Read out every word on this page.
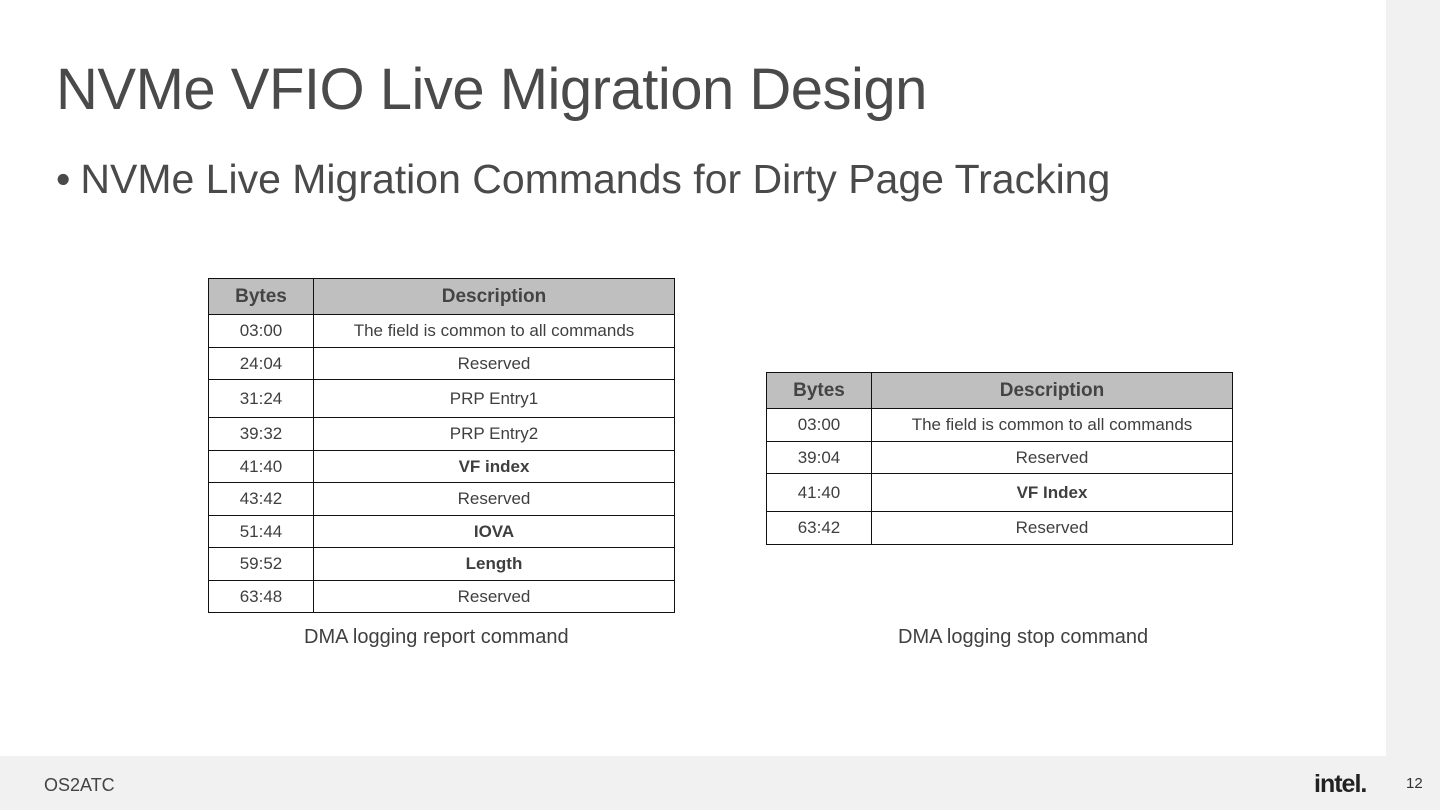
NVMe VFIO Live Migration Design
• NVMe Live Migration Commands for Dirty Page Tracking
Bytes	Description
03:00	The field is common to all commands
24:04	Reserved
31:24	PRP Entry1
39:32	PRP Entry2
41:40	VF index
43:42	Reserved
51:44	IOVA
59:52	Length
63:48	Reserved
DMA logging report command
Bytes	Description
03:00	The field is common to all commands
39:04	Reserved
41:40	VF Index
63:42	Reserved
DMA logging stop command
OS2ATC	intel.	12
